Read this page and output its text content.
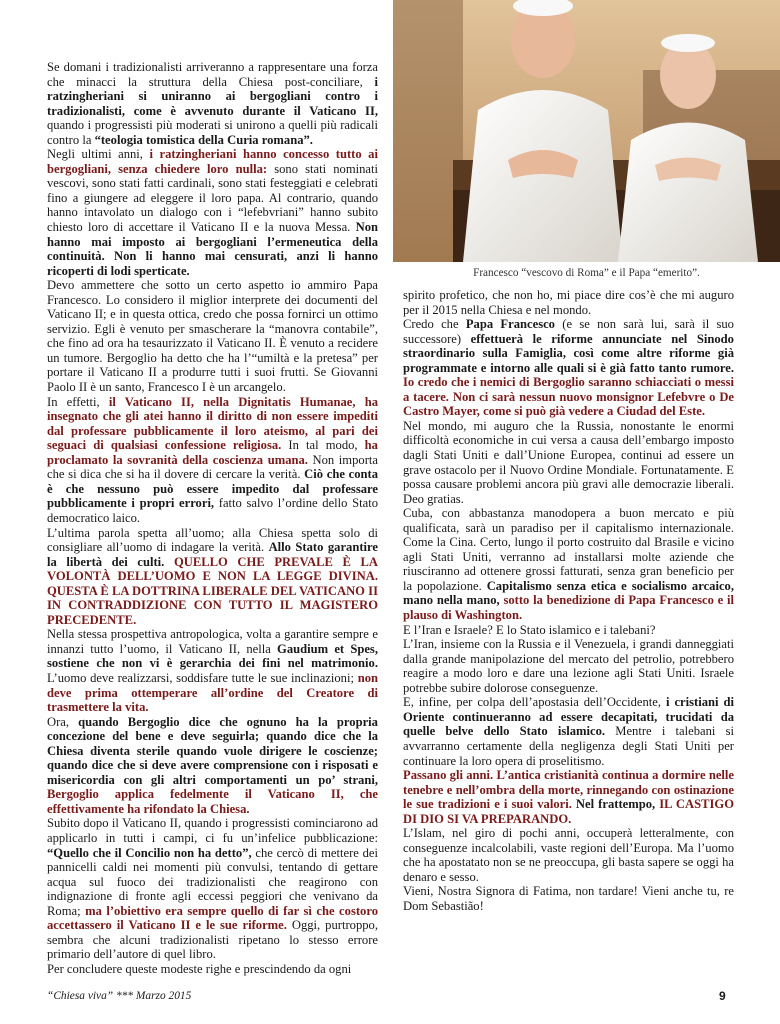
Francesco “vescovo di Roma” e il Papa “emerito”.

Se domani i tradizionalisti arriveranno a rappresentare una forza che minacci la struttura della Chiesa post-conciliare, i ratzingheriani si uniranno ai bergogliani contro i tradizionalisti, come è avvenuto durante il Vaticano II, quando i progressisti più moderati si unirono a quelli più radicali contro la “teologia tomistica della Curia romana”.

Negli ultimi anni, i ratzingheriani hanno concesso tutto ai bergogliani, senza chiedere loro nulla: sono stati nominati vescovi, sono stati fatti cardinali, sono stati festeggiati e celebrati fino a giungere ad eleggere il loro papa. Al contrario, quando hanno intavolato un dialogo con i “lefebvriani” hanno subito chiesto loro di accettare il Vaticano II e la nuova Messa. Non hanno mai imposto ai bergogliani l’ermeneutica della continuità. Non li hanno mai censurati, anzi li hanno ricoperti di lodi sperticate.

Devo ammettere che sotto un certo aspetto io ammiro Papa Francesco. Lo considero il miglior interprete dei documenti del Vaticano II; e in questa ottica, credo che possa fornirci un ottimo servizio. Egli è venuto per smascherare la “manovra contabile”, che fino ad ora ha tesaurizzato il Vaticano II. È venuto a recidere un tumore. Bergoglio ha detto che ha l’“umiltà e la pretesa” per portare il Vaticano II a produrre tutti i suoi frutti. Se Giovanni Paolo II è un santo, Francesco I è un arcangelo.

In effetti, il Vaticano II, nella Dignitatis Humanae, ha insegnato che gli atei hanno il diritto di non essere impediti dal professare pubblicamente il loro ateismo, al pari dei seguaci di qualsiasi confessione religiosa. In tal modo, ha proclamato la sovranità della coscienza umana. Non importa che si dica che si ha il dovere di cercare la verità. Ciò che conta è che nessuno può essere impedito dal professare pubblicamente i propri errori, fatto salvo l’ordine dello Stato democratico laico.

L’ultima parola spetta all’uomo; alla Chiesa spetta solo di consigliare all’uomo di indagare la verità. Allo Stato garantire la libertà dei culti. QUELLO CHE PREVALE È LA VOLONTÀ DELL’UOMO E NON LA LEGGE DIVINA. QUESTA È LA DOTTRINA LIBERALE DEL VATICANO II IN CONTRADDIZIONE CON TUTTO IL MAGISTERO PRECEDENTE.

Nella stessa prospettiva antropologica, volta a garantire sempre e innanzi tutto l’uomo, il Vaticano II, nella Gaudium et Spes, sostiene che non vi è gerarchia dei fini nel matrimonio. L’uomo deve realizzarsi, soddisfare tutte le sue inclinazioni; non deve prima ottemperare all’ordine del Creatore di trasmettere la vita.

Ora, quando Bergoglio dice che ognuno ha la propria concezione del bene e deve seguirla; quando dice che la Chiesa diventa sterile quando vuole dirigere le coscienze; quando dice che si deve avere comprensione con i risposati e misericordia con gli altri comportamenti un po’ strani, Bergoglio applica fedelmente il Vaticano II, che effettivamente ha rifondato la Chiesa.

Subito dopo il Vaticano II, quando i progressisti cominciarono ad applicarlo in tutti i campi, ci fu un’infelice pubblicazione: “Quello che il Concilio non ha detto”, che cercò di mettere dei pannicelli caldi nei momenti più convulsi, tentando di gettare acqua sul fuoco dei tradizionalisti che reagirono con indignazione di fronte agli eccessi peggiori che venivano da Roma; ma l’obiettivo era sempre quello di far sì che costoro accettassero il Vaticano II e le sue riforme. Oggi, purtroppo, sembra che alcuni tradizionalisti ripetano lo stesso errore primario dell’autore di quel libro.

Per concludere queste modeste righe e prescindendo da ogni

spirito profetico, che non ho, mi piace dire cos’è che mi auguro per il 2015 nella Chiesa e nel mondo.

Credo che Papa Francesco (e se non sarà lui, sarà il suo successore) effettuerà le riforme annunciate nel Sinodo straordinario sulla Famiglia, così come altre riforme già programmate e intorno alle quali si è già fatto tanto rumore. Io credo che i nemici di Bergoglio saranno schiacciati o messi a tacere. Non ci sarà nessun nuovo monsignor Lefebvre o De Castro Mayer, come si può già vedere a Ciudad del Este.

Nel mondo, mi auguro che la Russia, nonostante le enormi difficoltà economiche in cui versa a causa dell’embargo imposto dagli Stati Uniti e dall’Unione Europea, continui ad essere un grave ostacolo per il Nuovo Ordine Mondiale. Fortunatamente. E possa causare problemi ancora più gravi alle democrazie liberali. Deo gratias.

Cuba, con abbastanza manodopera a buon mercato e più qualificata, sarà un paradiso per il capitalismo internazionale. Come la Cina. Certo, lungo il porto costruito dal Brasile e vicino agli Stati Uniti, verranno ad installarsi molte aziende che riusciranno ad ottenere grossi fatturati, senza gran beneficio per la popolazione. Capitalismo senza etica e socialismo arcaico, mano nella mano, sotto la benedizione di Papa Francesco e il plauso di Washington.

E l’Iran e Israele? E lo Stato islamico e i talebani?

L’Iran, insieme con la Russia e il Venezuela, i grandi danneggiati dalla grande manipolazione del mercato del petrolio, potrebbero reagire a modo loro e dare una lezione agli Stati Uniti. Israele potrebbe subire dolorose conseguenze.

E, infine, per colpa dell’apostasia dell’Occidente, i cristiani di Oriente continueranno ad essere decapitati, trucidati da quelle belve dello Stato islamico. Mentre i talebani si avvarranno certamente della negligenza degli Stati Uniti per continuare la loro opera di proselitismo.

Passano gli anni. L’antica cristianità continua a dormire nelle tenebre e nell’ombra della morte, rinnegando con ostinazione le sue tradizioni e i suoi valori. Nel frattempo, IL CASTIGO DI DIO SI VA PREPARANDO.

L’Islam, nel giro di pochi anni, occuperà letteralmente, con conseguenze incalcolabili, vaste regioni dell’Europa. Ma l’uomo che ha apostatato non se ne preoccupa, gli basta sapere se oggi ha denaro e sesso.

Vieni, Nostra Signora di Fatima, non tardare! Vieni anche tu, re Dom Sebastião!

“Chiesa viva” *** Marzo 2015	9
